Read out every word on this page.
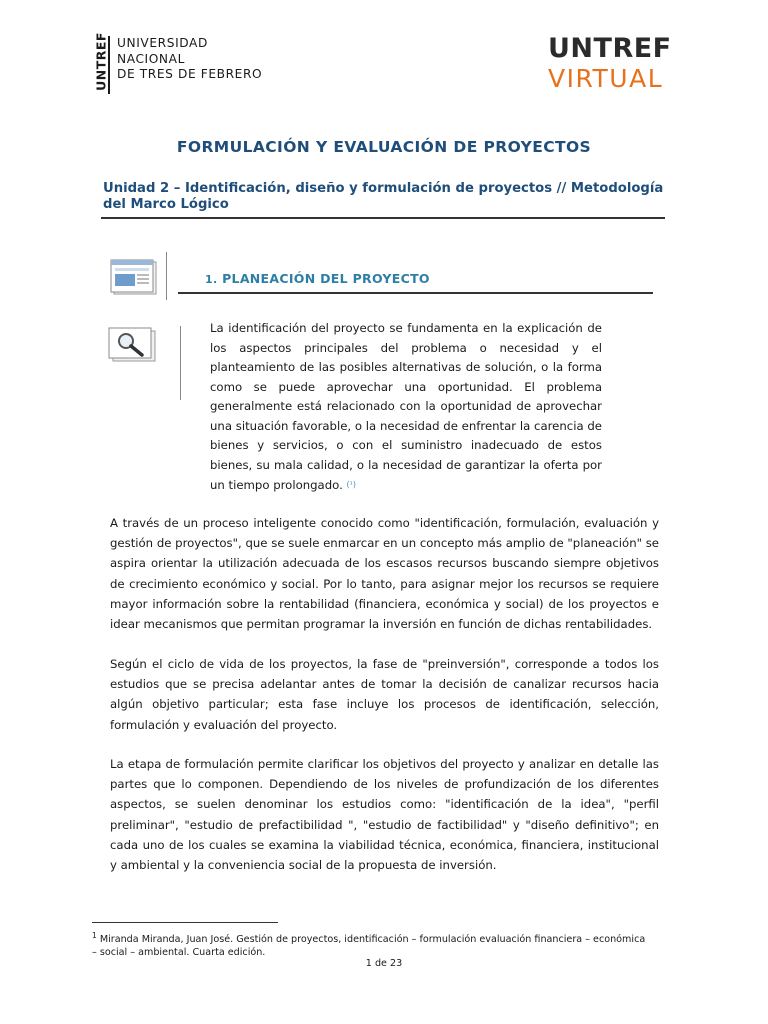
UNTREF UNIVERSIDAD
NACIONAL
DE TRES DE FEBRERO
UNTREF
VIRTUAL
FORMULACIÓN Y EVALUACIÓN DE PROYECTOS
Unidad 2 – Identificación, diseño y formulación de proyectos // Metodología del Marco Lógico
1. PLANEACIÓN DEL PROYECTO
La identificación del proyecto se fundamenta en la explicación de los aspectos principales del problema o necesidad y el planteamiento de las posibles alternativas de solución, o la forma como se puede aprovechar una oportunidad. El problema generalmente está relacionado con la oportunidad de aprovechar una situación favorable, o la necesidad de enfrentar la carencia de bienes y servicios, o con el suministro inadecuado de estos bienes, su mala calidad, o la necesidad de garantizar la oferta por un tiempo prolongado. (¹)
A través de un proceso inteligente conocido como "identificación, formulación, evaluación y gestión de proyectos", que se suele enmarcar en un concepto más amplio de "planeación" se aspira orientar la utilización adecuada de los escasos recursos buscando siempre objetivos de crecimiento económico y social. Por lo tanto, para asignar mejor los recursos se requiere mayor información sobre la rentabilidad (financiera, económica y social) de los proyectos e idear mecanismos que permitan programar la inversión en función de dichas rentabilidades.
Según el ciclo de vida de los proyectos, la fase de "preinversión", corresponde a todos los estudios que se precisa adelantar antes de tomar la decisión de canalizar recursos hacia algún objetivo particular; esta fase incluye los procesos de identificación, selección, formulación y evaluación del proyecto.
La etapa de formulación permite clarificar los objetivos del proyecto y analizar en detalle las partes que lo componen. Dependiendo de los niveles de profundización de los diferentes aspectos, se suelen denominar los estudios como: "identificación de la idea", "perfil preliminar", "estudio de prefactibilidad ", "estudio de factibilidad" y "diseño definitivo"; en cada uno de los cuales se examina la viabilidad técnica, económica, financiera, institucional y ambiental y la conveniencia social de la propuesta de inversión.
$^1$ Miranda Miranda, Juan José. Gestión de proyectos, identificación – formulación evaluación financiera – económica – social – ambiental. Cuarta edición.
1 de 23
